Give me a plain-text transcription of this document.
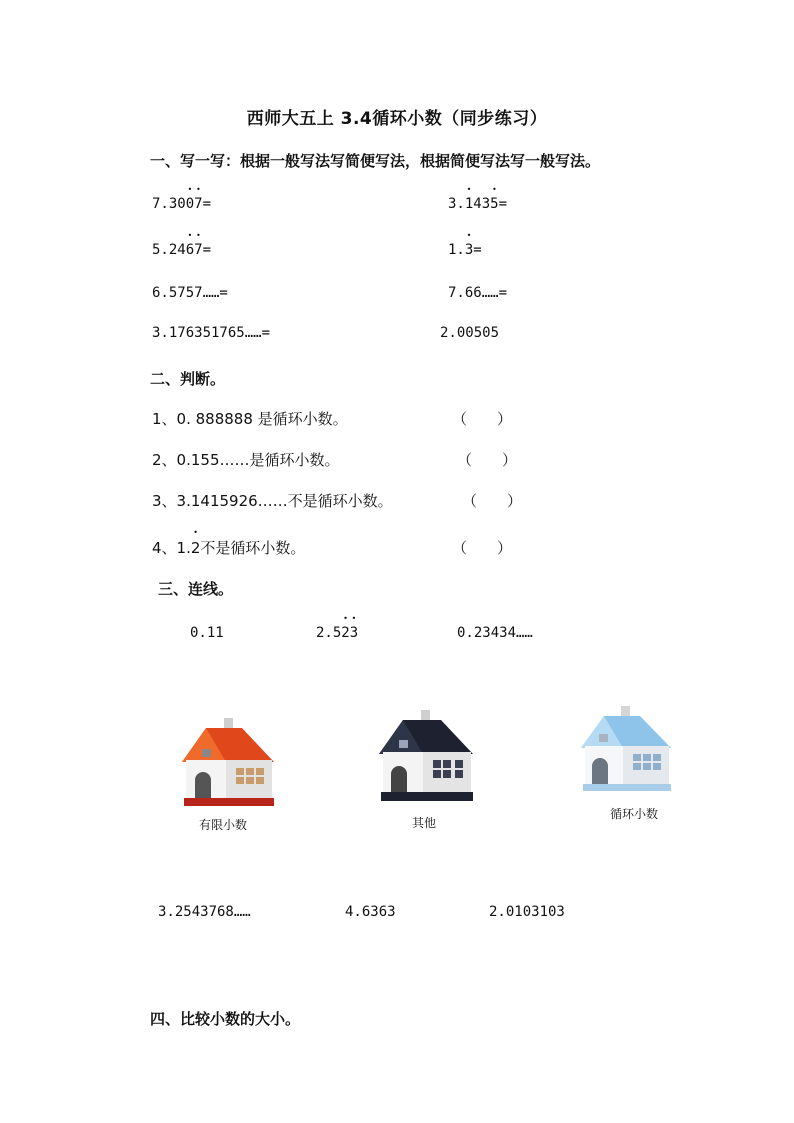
西师大五上 3.4循环小数（同步练习）
一、写一写：根据一般写法写简便写法，根据简便写法写一般写法。
7.30• 0• 7=	3.• 143• 5=
5.24• 6• 7=	1.• 3=
6.5757……=	7.66……=
3.176351765……=	2.00505
二、判断。
1、0. 888888 是循环小数。	（　　）
2、0.155……是循环小数。	（　　）
3、3.1415926……不是循环小数。	（　　）
4、1.• 2不是循环小数。	（　　）
三、连线。
0.11	2.5• 2• 3	0.23434……
有限小数	其他
循环小数
3.2543768……	4.6363	2.0103103
四、比较小数的大小。
